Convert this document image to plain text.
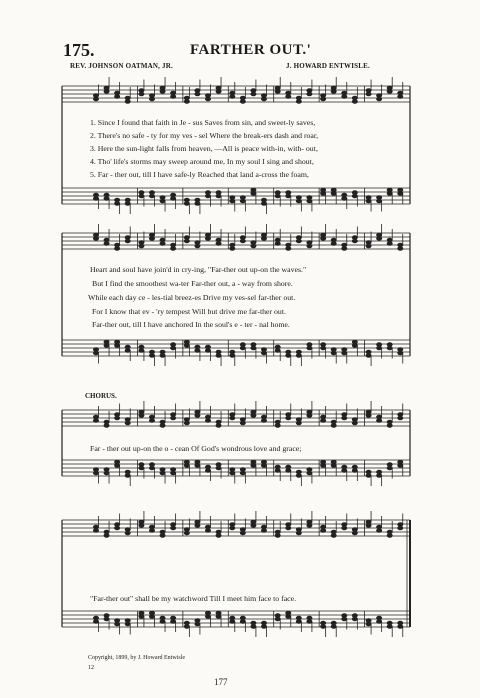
175.	FARTHER OUT.'
REV. JOHNSON OATMAN, JR.	J. HOWARD ENTWISLE.
1. Since I found that faith in Je - sus Saves from sin, and sweet-ly saves,
2. There's no safe - ty for my ves - sel Where the break-ers dash and roar,
3. Here the sun-light falls from heaven, —All is peace with-in, with- out,
4. Tho' life's storms may sweep around me, In my soul I sing and shout,
5. Far - ther out, till I have safe-ly Reached that land a-cross the foam,
Heart and soul have join'd in cry-ing, "Far-ther out up-on the waves."
But I find the smoothest wa-ter Far-ther out, a - way from shore.
While each day ce - les-tial breez-es Drive my ves-sel far-ther out.
For I know that ev - 'ry tempest Will but drive me far-ther out.
Far-ther out, till I have anchored In the soul's e - ter - nal home.
CHORUS.
Far - ther out up-on the o - cean Of God's wondrous love and grace;
"Far-ther out" shall be my watchword Till I meet him face to face.
Copyright, 1899, by J. Howard Entwisle
12
177
